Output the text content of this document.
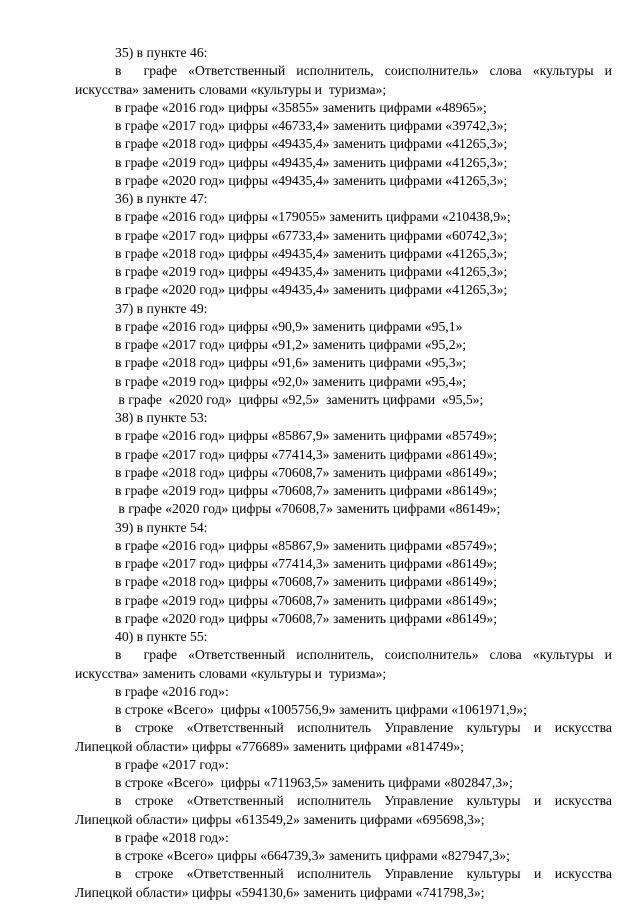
35) в пункте 46:
в  графе «Ответственный исполнитель, соисполнитель» слова «культуры и
искусства» заменить словами «культуры и  туризма»;
в графе «2016 год» цифры «35855» заменить цифрами «48965»;
в графе «2017 год» цифры «46733,4» заменить цифрами «39742,3»;
в графе «2018 год» цифры «49435,4» заменить цифрами «41265,3»;
в графе «2019 год» цифры «49435,4» заменить цифрами «41265,3»;
в графе «2020 год» цифры «49435,4» заменить цифрами «41265,3»;
36) в пункте 47:
в графе «2016 год» цифры «179055» заменить цифрами «210438,9»;
в графе «2017 год» цифры «67733,4» заменить цифрами «60742,3»;
в графе «2018 год» цифры «49435,4» заменить цифрами «41265,3»;
в графе «2019 год» цифры «49435,4» заменить цифрами «41265,3»;
в графе «2020 год» цифры «49435,4» заменить цифрами «41265,3»;
37) в пункте 49:
в графе «2016 год» цифры «90,9» заменить цифрами «95,1»
в графе «2017 год» цифры «91,2» заменить цифрами «95,2»;
в графе «2018 год» цифры «91,6» заменить цифрами «95,3»;
в графе «2019 год» цифры «92,0» заменить цифрами «95,4»;
в графе  «2020 год»  цифры «92,5»  заменить цифрами  «95,5»;
38) в пункте 53:
в графе «2016 год» цифры «85867,9» заменить цифрами «85749»;
в графе «2017 год» цифры «77414,3» заменить цифрами «86149»;
в графе «2018 год» цифры «70608,7» заменить цифрами «86149»;
в графе «2019 год» цифры «70608,7» заменить цифрами «86149»;
в графе «2020 год» цифры «70608,7» заменить цифрами «86149»;
39) в пункте 54:
в графе «2016 год» цифры «85867,9» заменить цифрами «85749»;
в графе «2017 год» цифры «77414,3» заменить цифрами «86149»;
в графе «2018 год» цифры «70608,7» заменить цифрами «86149»;
в графе «2019 год» цифры «70608,7» заменить цифрами «86149»;
в графе «2020 год» цифры «70608,7» заменить цифрами «86149»;
40) в пункте 55:
в  графе «Ответственный исполнитель, соисполнитель» слова «культуры и
искусства» заменить словами «культуры и  туризма»;
в графе «2016 год»:
в строке «Всего»  цифры «1005756,9» заменить цифрами «1061971,9»;
в строке «Ответственный исполнитель Управление культуры и искусства
Липецкой области» цифры «776689» заменить цифрами «814749»;
в графе «2017 год»:
в строке «Всего»  цифры «711963,5» заменить цифрами «802847,3»;
в строке «Ответственный исполнитель Управление культуры и искусства
Липецкой области» цифры «613549,2» заменить цифрами «695698,3»;
в графе «2018 год»:
в строке «Всего» цифры «664739,3» заменить цифрами «827947,3»;
в строке «Ответственный исполнитель Управление культуры и искусства
Липецкой области» цифры «594130,6» заменить цифрами «741798,3»;
